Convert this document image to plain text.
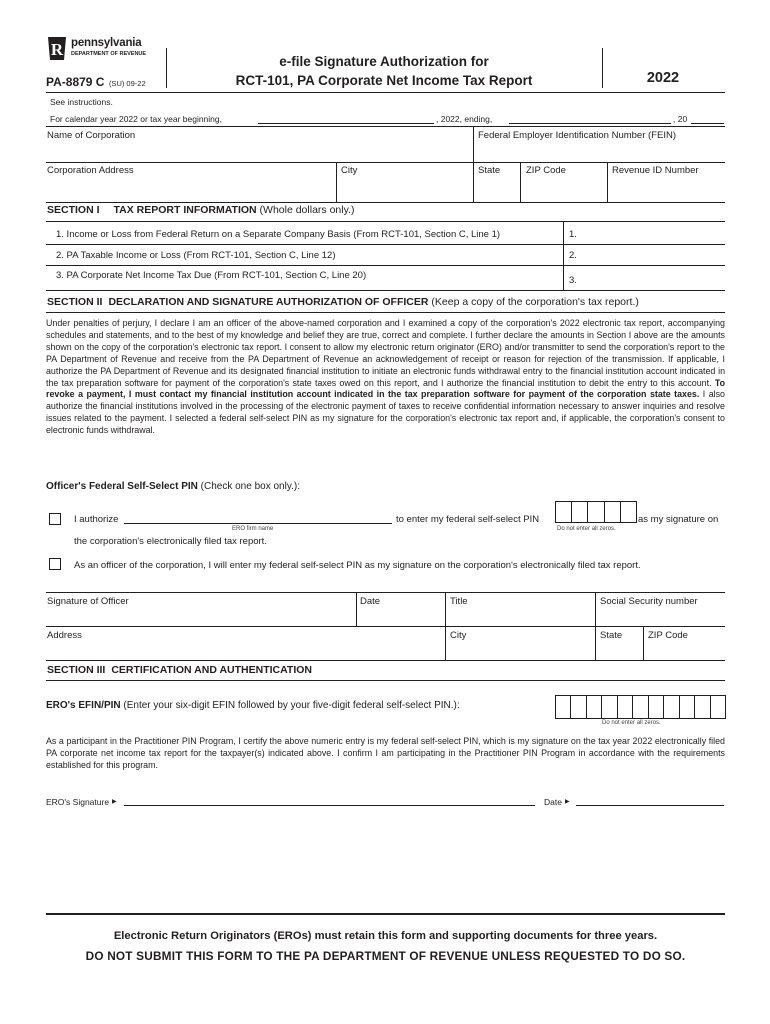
R pennsylvania
DEPARTMENT OF REVENUE
PA-8879 C (SU) 09-22
e-file Signature Authorization for
RCT-101, PA Corporate Net Income Tax Report	2022
See instructions.
For calendar year 2022 or tax year beginning,	, 2022, ending,	, 20
Name of Corporation	Federal Employer Identification Number (FEIN)
Corporation Address	City	State	ZIP Code	Revenue ID Number
SECTION I TAX REPORT INFORMATION (Whole dollars only.)
1. Income or Loss from Federal Return on a Separate Company Basis (From RCT-101, Section C, Line 1)	1.
2. PA Taxable Income or Loss (From RCT-101, Section C, Line 12)	2.
3. PA Corporate Net Income Tax Due (From RCT-101, Section C, Line 20)	3.
SECTION II DECLARATION AND SIGNATURE AUTHORIZATION OF OFFICER (Keep a copy of the corporation's tax report.)
Under penalties of perjury, I declare I am an officer of the above-named corporation and I examined a copy of the corporation's 2022 electronic tax report, accompanying schedules and statements, and to the best of my knowledge and belief they are true, correct and complete. I further declare the amounts in Section I above are the amounts shown on the copy of the corporation's electronic tax report. I consent to allow my electronic return originator (ERO) and/or transmitter to send the corporation's report to the PA Department of Revenue and receive from the PA Department of Revenue an acknowledgement of receipt or reason for rejection of the transmission. If applicable, I authorize the PA Department of Revenue and its designated financial institution to initiate an electronic funds withdrawal entry to the financial institution account indicated in the tax preparation software for payment of the corporation's state taxes owed on this report, and I authorize the financial institution to debit the entry to this account. To revoke a payment, I must contact my financial institution account indicated in the tax preparation software for payment of the corporation state taxes. I also authorize the financial institutions involved in the processing of the electronic payment of taxes to receive confidential information necessary to answer inquiries and resolve issues related to the payment. I selected a federal self-select PIN as my signature for the corporation's electronic tax report and, if applicable, the corporation's consent to electronic funds withdrawal.
Officer's Federal Self-Select PIN (Check one box only.):
I authorize
ERO firm name
to enter my federal self-select PIN
Do not enter all zeros.
as my signature on
the corporation's electronically filed tax report.
As an officer of the corporation, I will enter my federal self-select PIN as my signature on the corporation's electronically filed tax report.
Signature of Officer	Date	Title	Social Security number
Address	City	State	ZIP Code
SECTION III CERTIFICATION AND AUTHENTICATION
ERO's EFIN/PIN (Enter your six-digit EFIN followed by your five-digit federal self-select PIN.):
Do not enter all zeros.
As a participant in the Practitioner PIN Program, I certify the above numeric entry is my federal self-select PIN, which is my signature on the tax year 2022 electronically filed PA corporate net income tax report for the taxpayer(s) indicated above. I confirm I am participating in the Practitioner PIN Program in accordance with the requirements established for this program.
ERO's Signature ▶	Date ▶
Electronic Return Originators (EROs) must retain this form and supporting documents for three years.
DO NOT SUBMIT THIS FORM TO THE PA DEPARTMENT OF REVENUE UNLESS REQUESTED TO DO SO.
